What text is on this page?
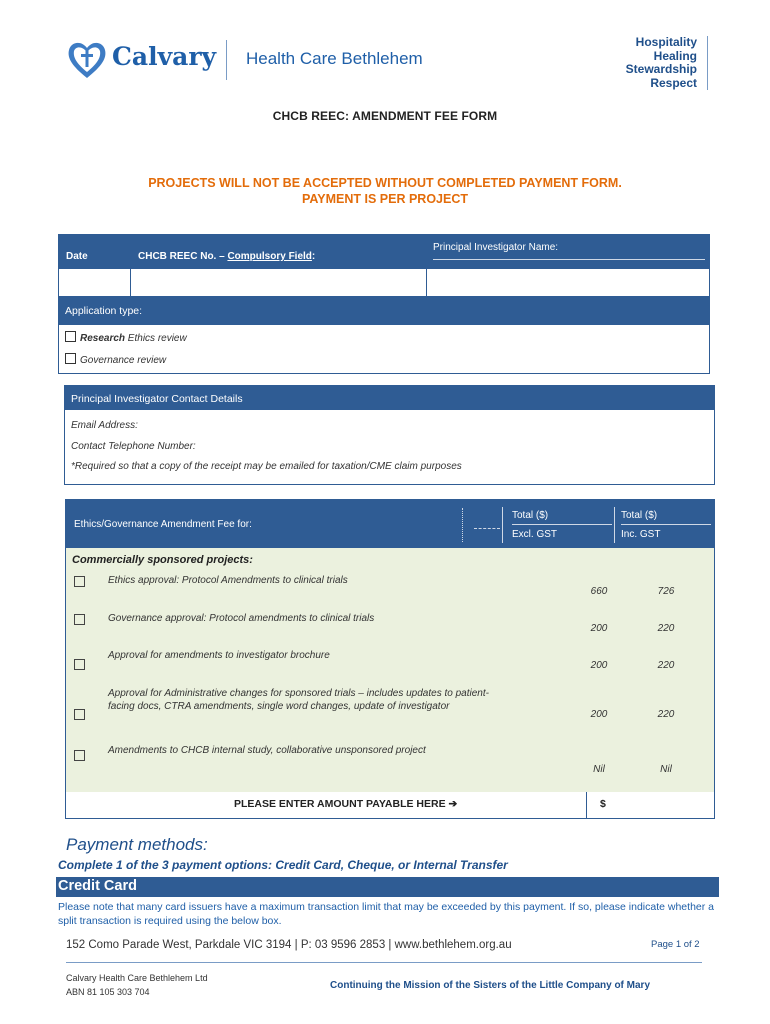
Calvary Health Care Bethlehem
Hospitality
Healing
Stewardship
Respect
CHCB REEC: AMENDMENT FEE FORM
PROJECTS WILL NOT BE ACCEPTED WITHOUT COMPLETED PAYMENT FORM.
PAYMENT IS PER PROJECT
Date	CHCB REEC No. – Compulsory Field:
Principal Investigator Name:
Application type:
Research Ethics review
Governance review
Principal Investigator Contact Details
Email Address:
Contact Telephone Number:
*Required so that a copy of the receipt may be emailed for taxation/CME claim purposes
Ethics/Governance Amendment Fee for:
Total ($)
Excl. GST
Total ($)
Inc. GST
Commercially sponsored projects:
Ethics approval: Protocol Amendments to clinical trials
660	726
Governance approval: Protocol amendments to clinical trials
200	220
Approval for amendments to investigator brochure
200	220
Approval for Administrative changes for sponsored trials – includes updates to patient-facing docs, CTRA amendments, single word changes, update of investigator
200	220
Amendments to CHCB internal study, collaborative unsponsored project
Nil	Nil
PLEASE ENTER AMOUNT PAYABLE HERE ➔	$
Payment methods:
Complete 1 of the 3 payment options: Credit Card, Cheque, or Internal Transfer
Credit Card
Please note that many card issuers have a maximum transaction limit that may be exceeded by this payment. If so, please indicate whether a split transaction is required using the below box.
152 Como Parade West, Parkdale VIC 3194 | P: 03 9596 2853 | www.bethlehem.org.au	Page 1 of 2
Calvary Health Care Bethlehem Ltd
ABN 81 105 303 704
Continuing the Mission of the Sisters of the Little Company of Mary
